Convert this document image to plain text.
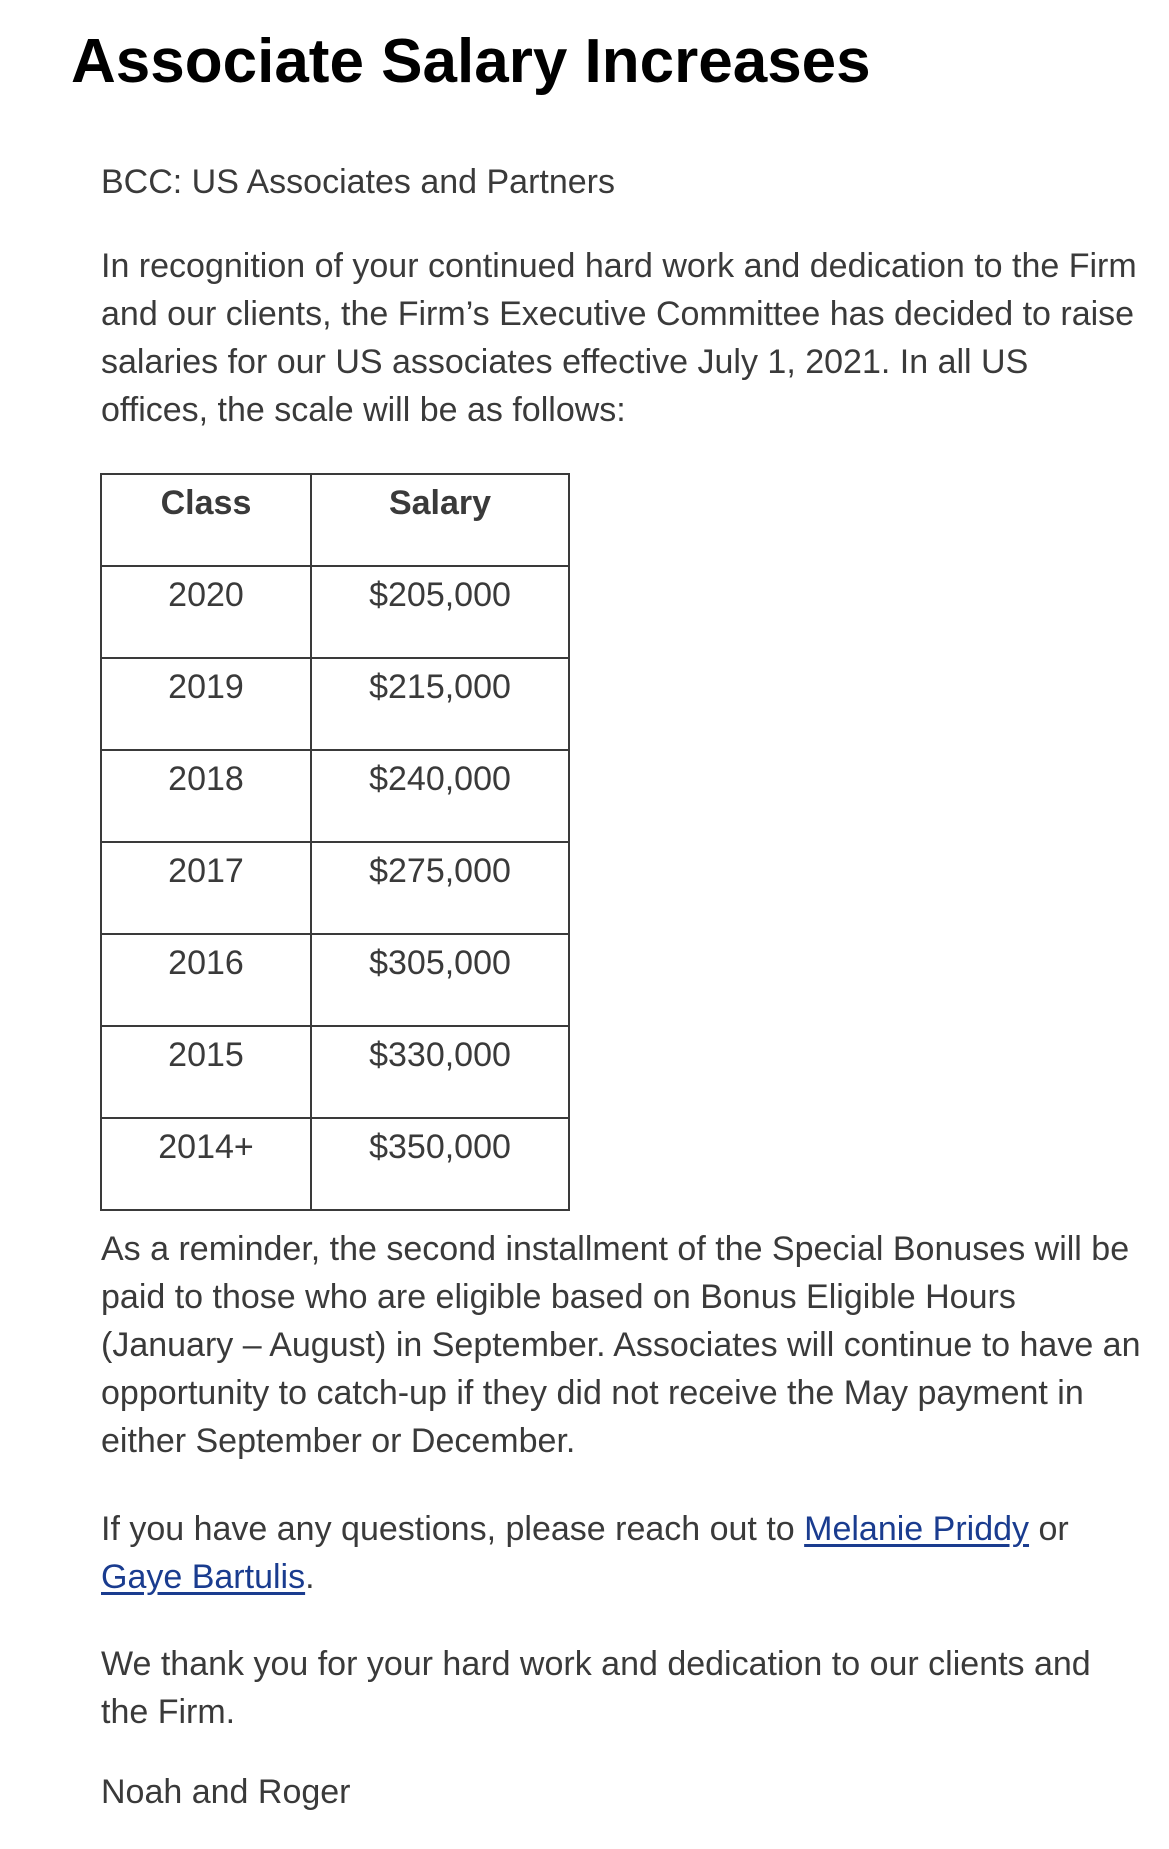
Associate Salary Increases
BCC: US Associates and Partners

In recognition of your continued hard work and dedication to the Firm and our clients, the Firm’s Executive Committee has decided to raise salaries for our US associates effective July 1, 2021. In all US offices, the scale will be as follows:

Class	Salary
2020	$205,000
2019	$215,000
2018	$240,000
2017	$275,000
2016	$305,000
2015	$330,000
2014+	$350,000

As a reminder, the second installment of the Special Bonuses will be paid to those who are eligible based on Bonus Eligible Hours (January – August) in September. Associates will continue to have an opportunity to catch-up if they did not receive the May payment in either September or December.

If you have any questions, please reach out to Melanie Priddy or Gaye Bartulis.

We thank you for your hard work and dedication to our clients and the Firm.

Noah and Roger
